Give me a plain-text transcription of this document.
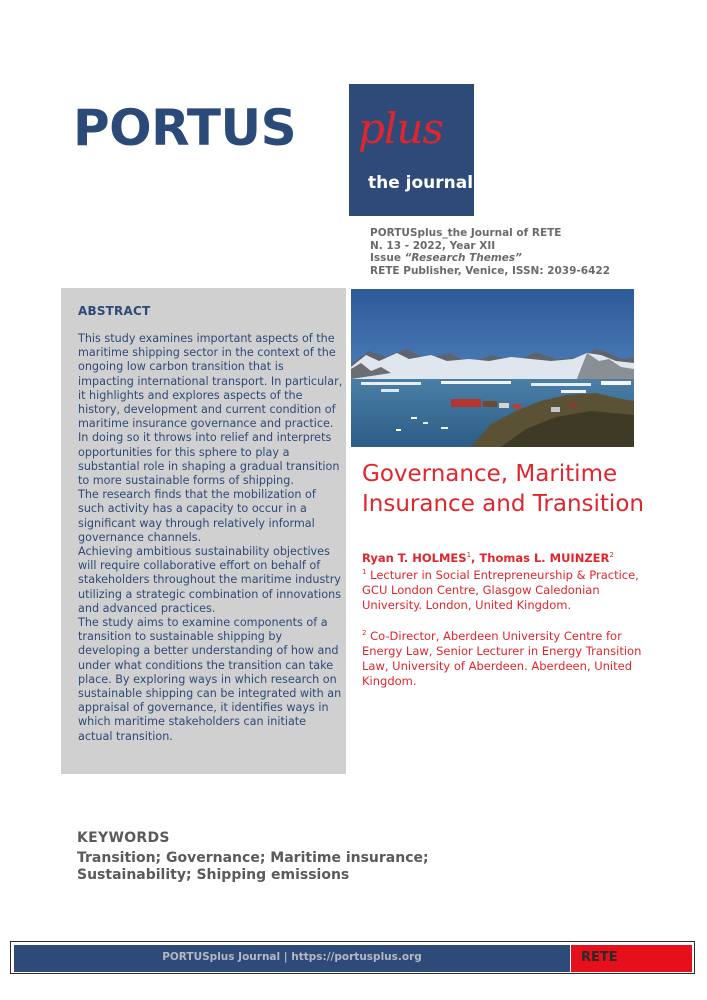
PORTUS plus
the journal
PORTUSplus_the Journal of RETE
N. 13 - 2022, Year XII
Issue “Research Themes”
RETE Publisher, Venice, ISSN: 2039-6422
ABSTRACT

This study examines important aspects of the maritime shipping sector in the context of the ongoing low carbon transition that is impacting international transport. In particular, it highlights and explores aspects of the history, development and current condition of maritime insurance governance and practice. In doing so it throws into relief and interprets opportunities for this sphere to play a substantial role in shaping a gradual transition to more sustainable forms of shipping.

The research finds that the mobilization of such activity has a capacity to occur in a significant way through relatively informal governance channels.

Achieving ambitious sustainability objectives will require collaborative effort on behalf of stakeholders throughout the maritime industry utilizing a strategic combination of innovations and advanced practices.

The study aims to examine components of a transition to sustainable shipping by developing a better understanding of how and under what conditions the transition can take place. By exploring ways in which research on sustainable shipping can be integrated with an appraisal of governance, it identifies ways in which maritime stakeholders can initiate actual transition.

Governance, Maritime Insurance and Transition
Ryan T. HOLMES$^1$, Thomas L. MUINZER$^2$
$^1$ Lecturer in Social Entrepreneurship & Practice, GCU London Centre, Glasgow Caledonian University. London, United Kingdom.
$^2$ Co-Director, Aberdeen University Centre for Energy Law, Senior Lecturer in Energy Transition Law, University of Aberdeen. Aberdeen, United Kingdom.
KEYWORDS
Transition; Governance; Maritime insurance; Sustainability; Shipping emissions
PORTUSplus Journal | https://portusplus.org	RETE
